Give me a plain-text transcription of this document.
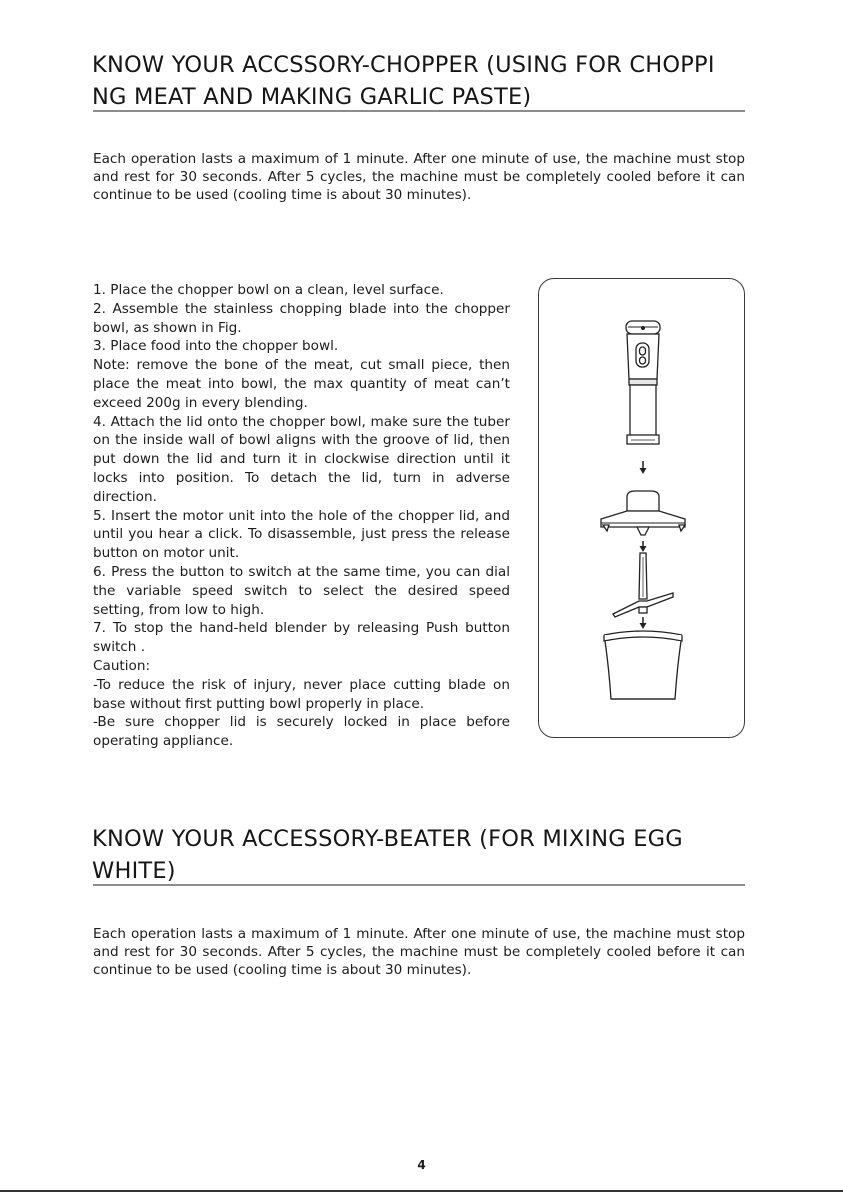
KNOW YOUR ACCSSORY-CHOPPER (USING FOR CHOPPI
NG MEAT AND MAKING GARLIC PASTE)

Each operation lasts a maximum of 1 minute. After one minute of use, the machine must stop and rest for 30 seconds. After 5 cycles, the machine must be completely cooled before it can continue to be used (cooling time is about 30 minutes).

1. Place the chopper bowl on a clean, level surface.

2. Assemble the stainless chopping blade into the chopper bowl, as shown in Fig.

3. Place food into the chopper bowl.

Note: remove the bone of the meat, cut small piece, then place the meat into bowl, the max quantity of meat can’t exceed 200g in every blending.

4. Attach the lid onto the chopper bowl, make sure the tuber on the inside wall of bowl aligns with the groove of lid, then put down the lid and turn it in clockwise direction until it locks into position. To detach the lid, turn in adverse direction.

5. Insert the motor unit into the hole of the chopper lid, and until you hear a click. To disassemble, just press the release button on motor unit.

6. Press the button to switch at the same time, you can dial the variable speed switch to select the desired speed setting, from low to high.

7. To stop the hand-held blender by releasing Push button switch .

Caution:

-To reduce the risk of injury, never place cutting blade on base without first putting bowl properly in place.

-Be sure chopper lid is securely locked in place before operating appliance.

KNOW YOUR ACCESSORY-BEATER (FOR MIXING EGG
WHITE)

Each operation lasts a maximum of 1 minute. After one minute of use, the machine must stop and rest for 30 seconds. After 5 cycles, the machine must be completely cooled before it can continue to be used (cooling time is about 30 minutes).

4
